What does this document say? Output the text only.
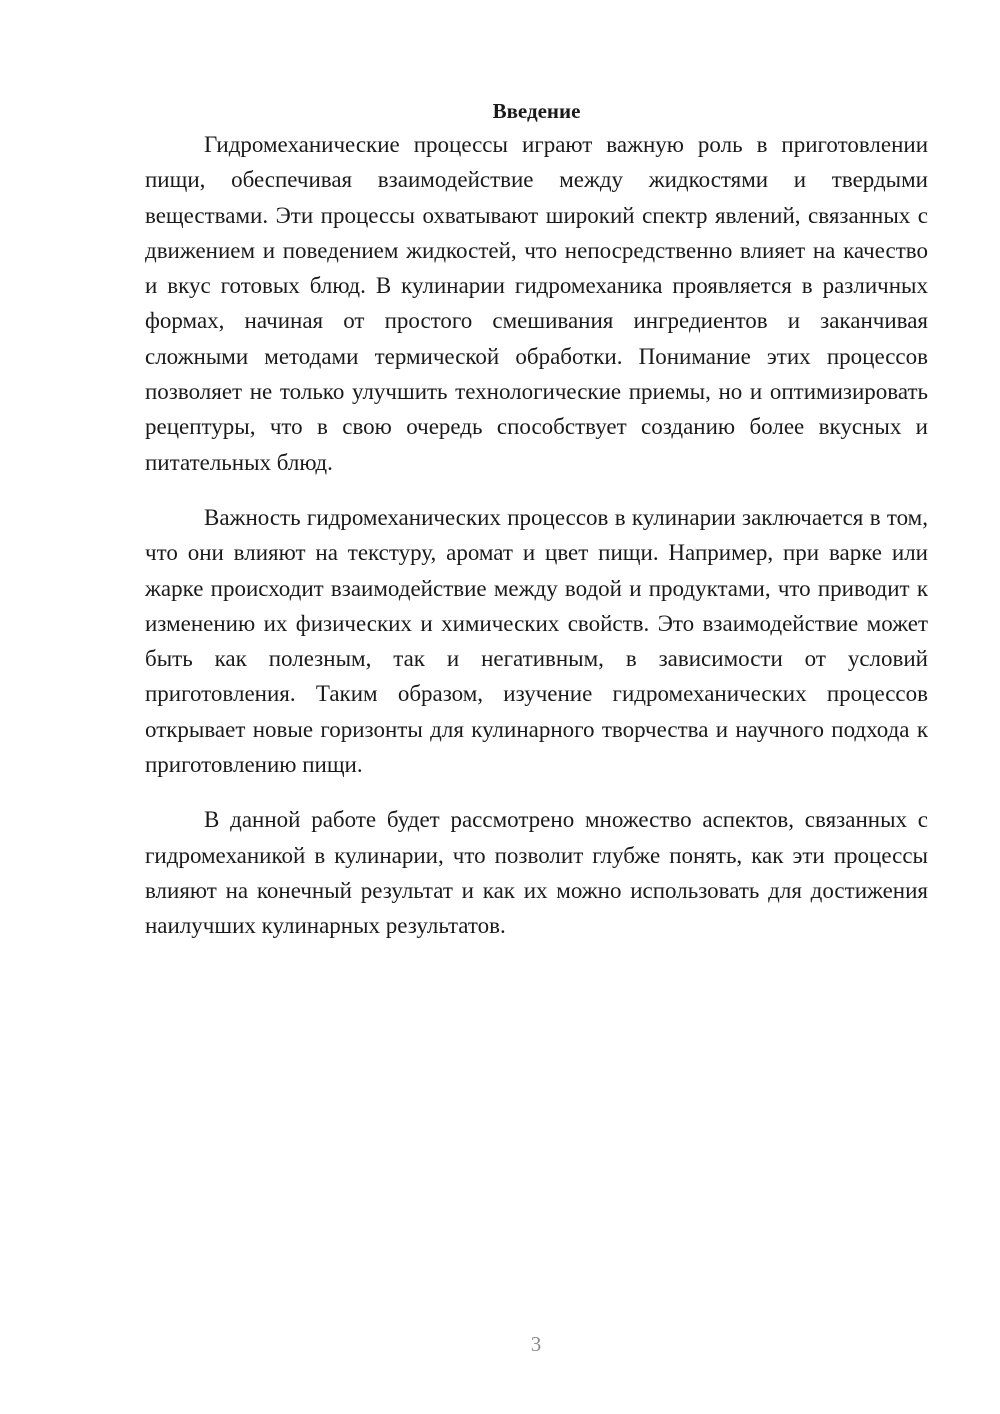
Введение

Гидромеханические процессы играют важную роль в приготовлении пищи, обеспечивая взаимодействие между жидкостями и твердыми веществами. Эти процессы охватывают широкий спектр явлений, связанных с движением и поведением жидкостей, что непосредственно влияет на качество и вкус готовых блюд. В кулинарии гидромеханика проявляется в различных формах, начиная от простого смешивания ингредиентов и заканчивая сложными методами термической обработки. Понимание этих процессов позволяет не только улучшить технологические приемы, но и оптимизировать рецептуры, что в свою очередь способствует созданию более вкусных и питательных блюд.

Важность гидромеханических процессов в кулинарии заключается в том, что они влияют на текстуру, аромат и цвет пищи. Например, при варке или жарке происходит взаимодействие между водой и продуктами, что приводит к изменению их физических и химических свойств. Это взаимодействие может быть как полезным, так и негативным, в зависимости от условий приготовления. Таким образом, изучение гидромеханических процессов открывает новые горизонты для кулинарного творчества и научного подхода к приготовлению пищи.

В данной работе будет рассмотрено множество аспектов, связанных с гидромеханикой в кулинарии, что позволит глубже понять, как эти процессы влияют на конечный результат и как их можно использовать для достижения наилучших кулинарных результатов.

3
